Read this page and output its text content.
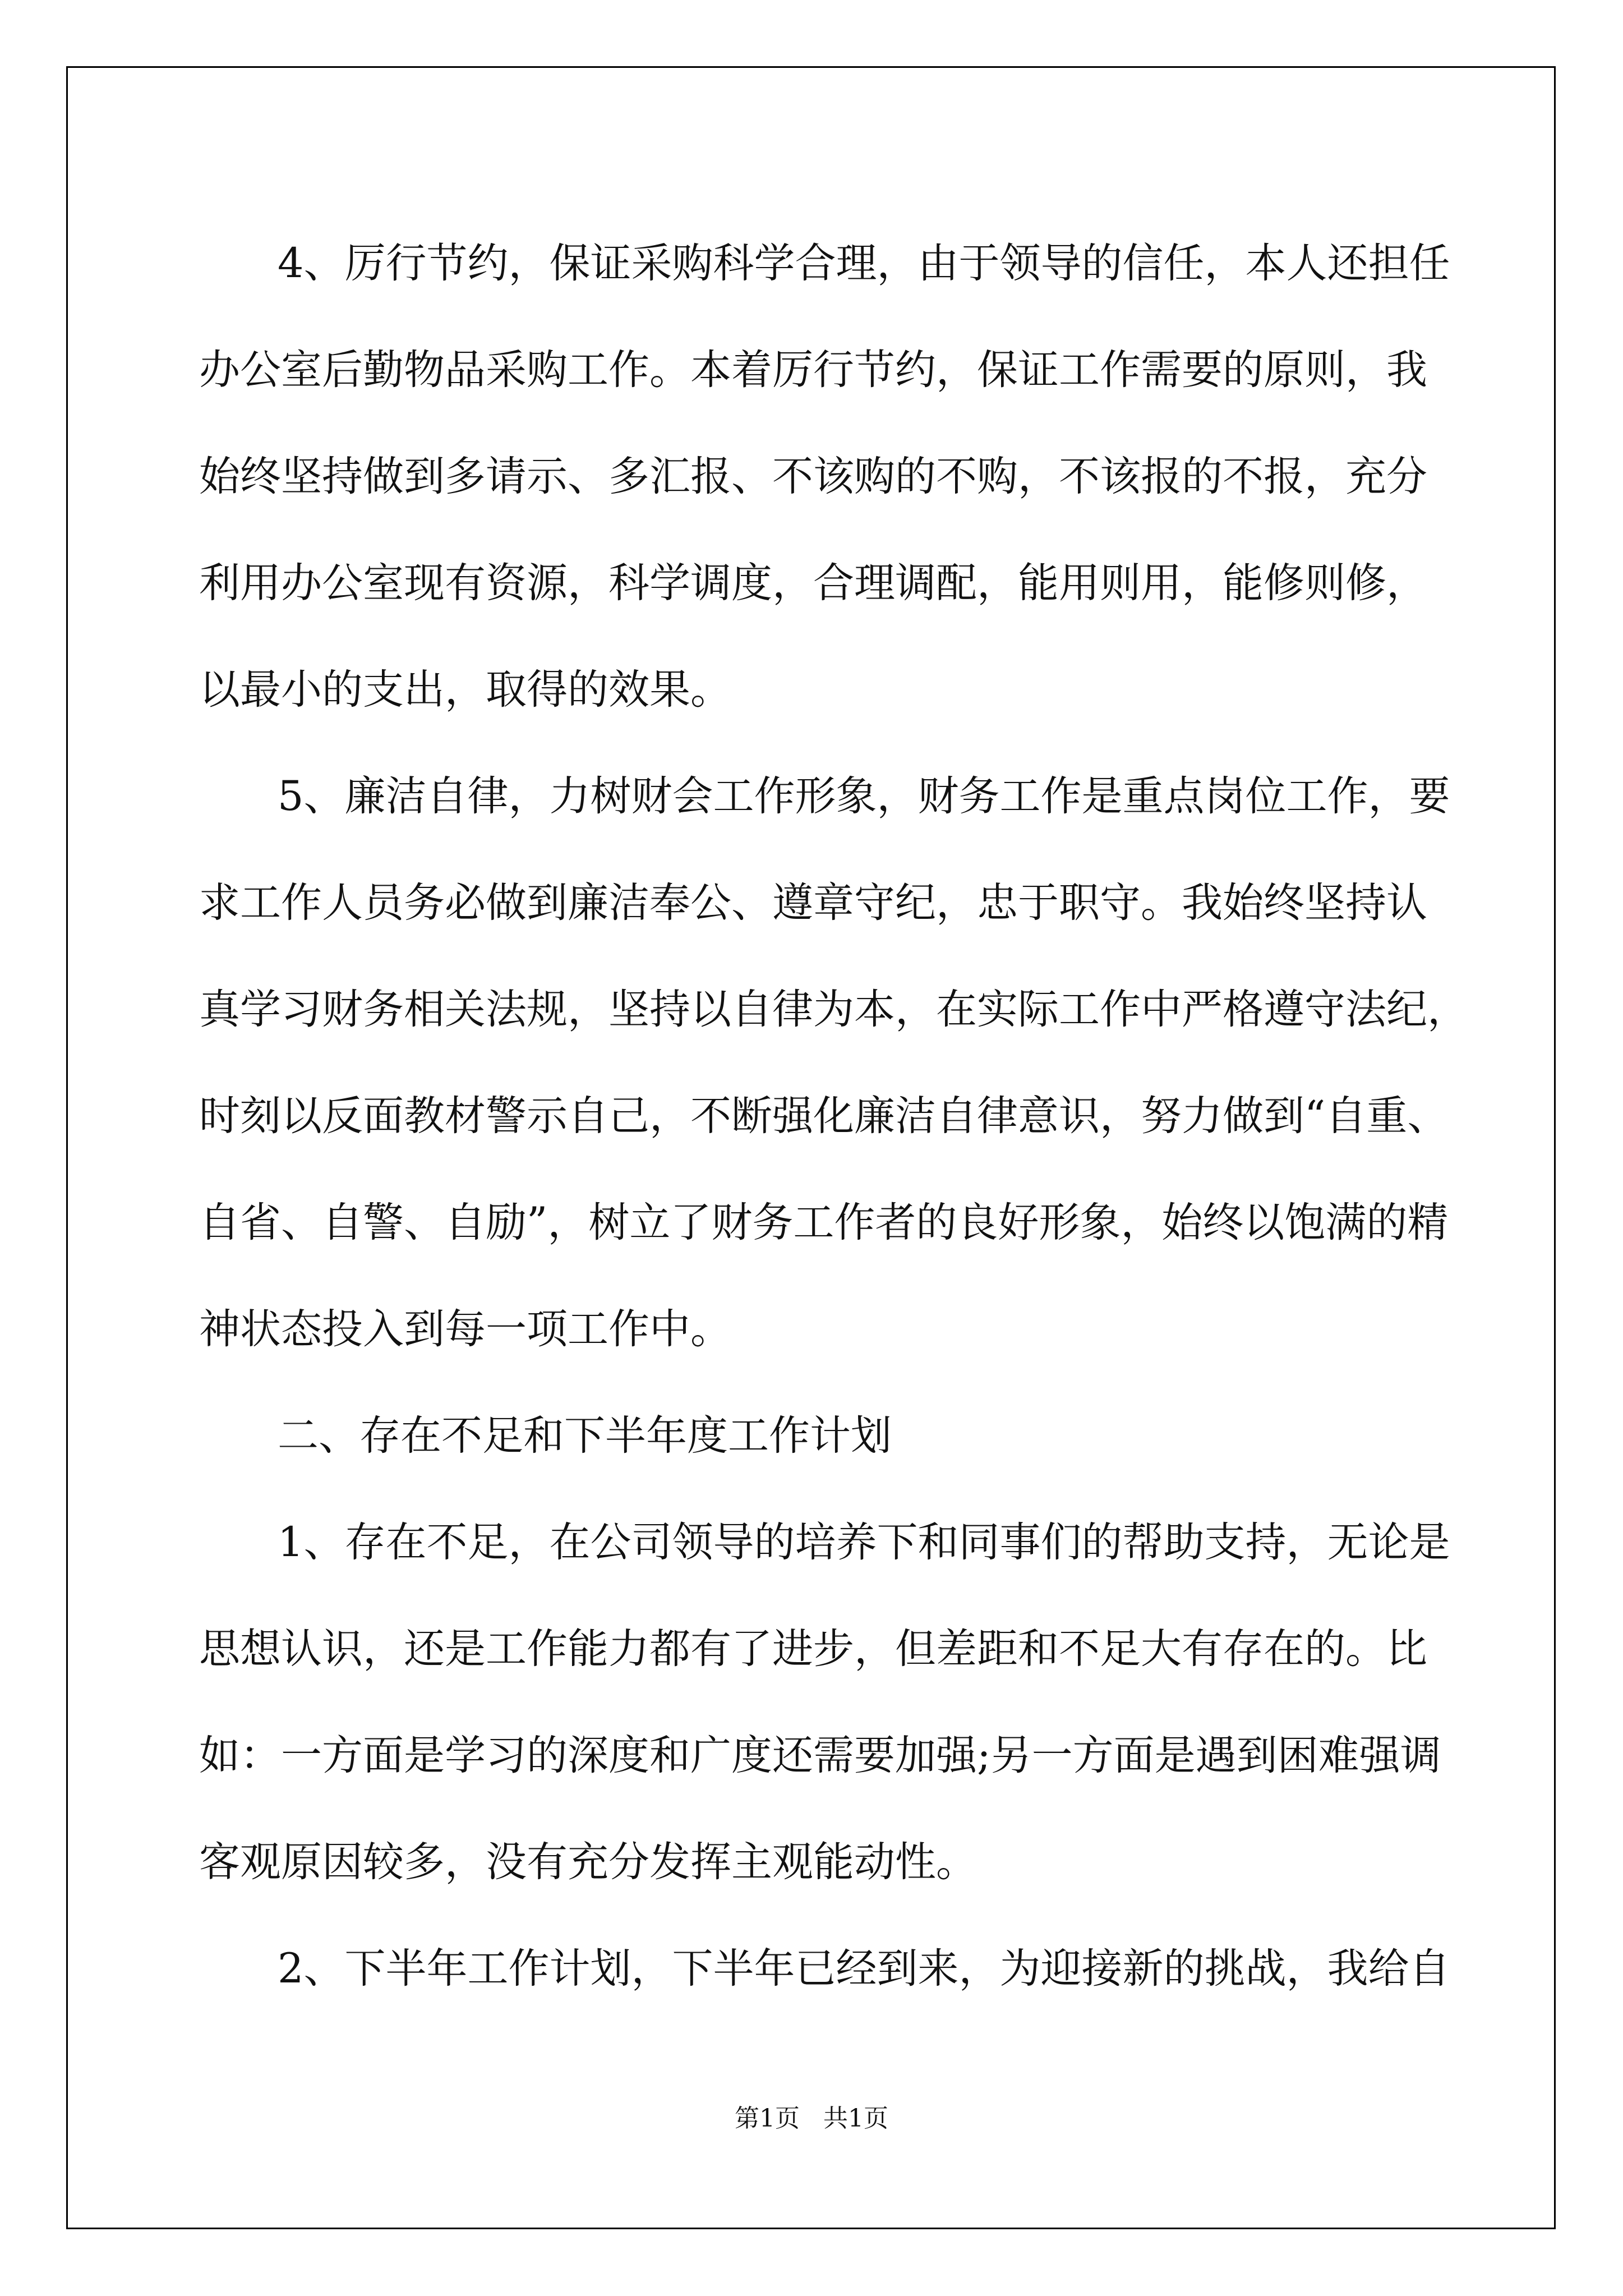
4、厉行节约，保证采购科学合理，由于领导的信任，本人还担任
办公室后勤物品采购工作。本着厉行节约，保证工作需要的原则，我
始终坚持做到多请示、多汇报、不该购的不购，不该报的不报，充分
利用办公室现有资源，科学调度，合理调配，能用则用，能修则修，
以最小的支出，取得的效果。
5、廉洁自律，力树财会工作形象，财务工作是重点岗位工作，要
求工作人员务必做到廉洁奉公、遵章守纪，忠于职守。我始终坚持认
真学习财务相关法规，坚持以自律为本，在实际工作中严格遵守法纪，
时刻以反面教材警示自己，不断强化廉洁自律意识，努力做到“自重、
自省、自警、自励”，树立了财务工作者的良好形象，始终以饱满的精
神状态投入到每一项工作中。
二、存在不足和下半年度工作计划
1、存在不足，在公司领导的培养下和同事们的帮助支持，无论是
思想认识，还是工作能力都有了进步，但差距和不足大有存在的。比
如：一方面是学习的深度和广度还需要加强;另一方面是遇到困难强调
客观原因较多，没有充分发挥主观能动性。
2、下半年工作计划，下半年已经到来，为迎接新的挑战，我给自
第1页   共1页
